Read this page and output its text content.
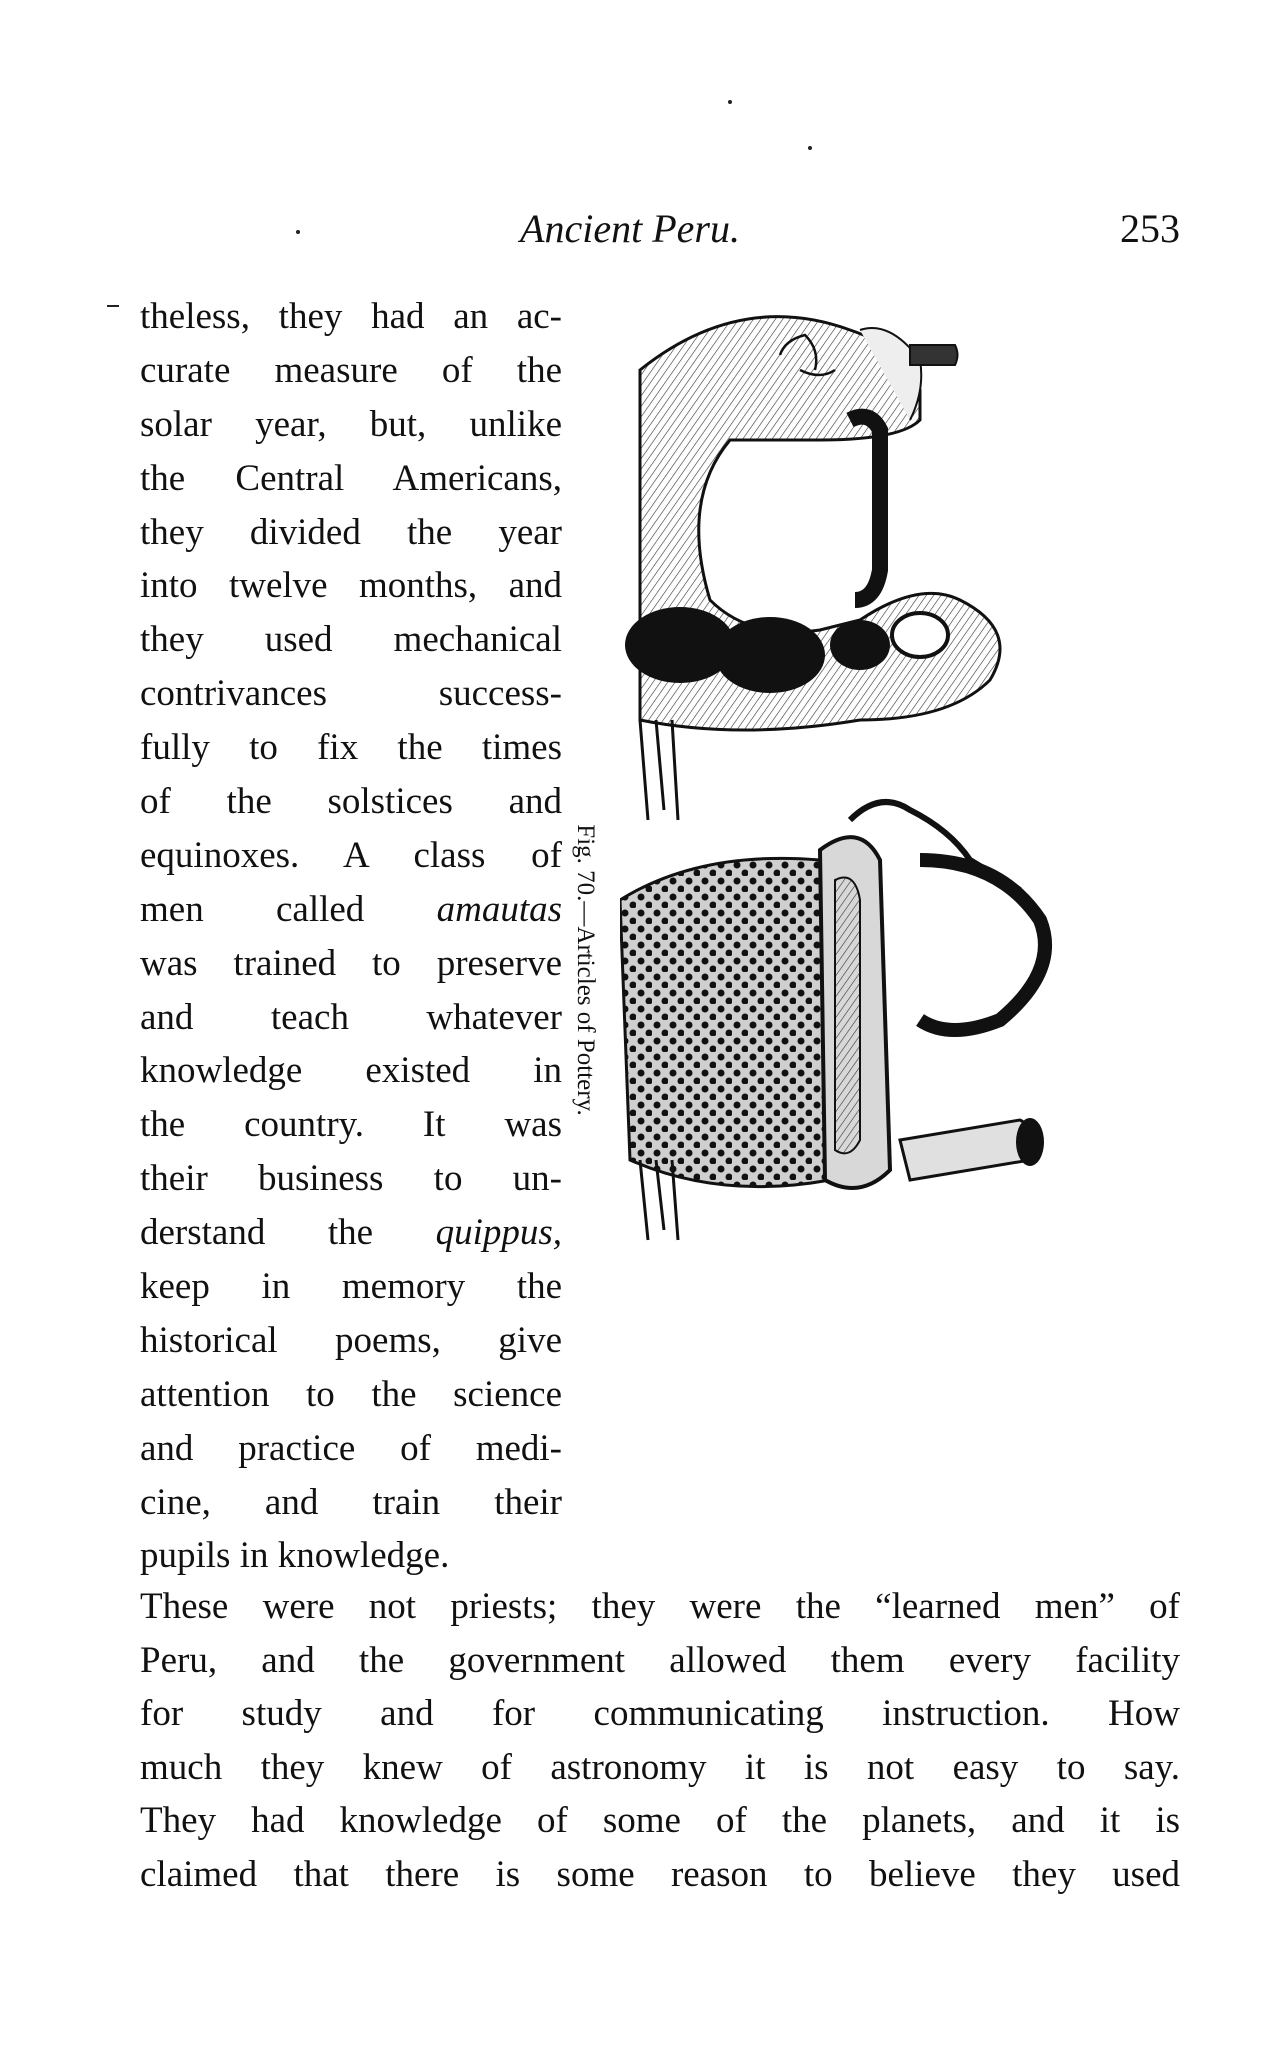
Ancient Peru.	253
theless, they had an ac-
curate measure of the
solar year, but, unlike
the Central Americans,
they divided the year
into twelve months, and
they used mechanical
contrivances success-
fully to fix the times
of the solstices and
equinoxes. A class of
men called amautas
was trained to preserve
and teach whatever
knowledge existed in
the country. It was
their business to un-
derstand the quippus,
keep in memory the
historical poems, give
attention to the science
and practice of medi-
cine, and train their
pupils in knowledge.
Fig. 70.—Articles of Pottery.
These were not priests; they were the “learned men” of
Peru, and the government allowed them every facility
for study and for communicating instruction. How
much they knew of astronomy it is not easy to say.
They had knowledge of some of the planets, and it is
claimed that there is some reason to believe they used
